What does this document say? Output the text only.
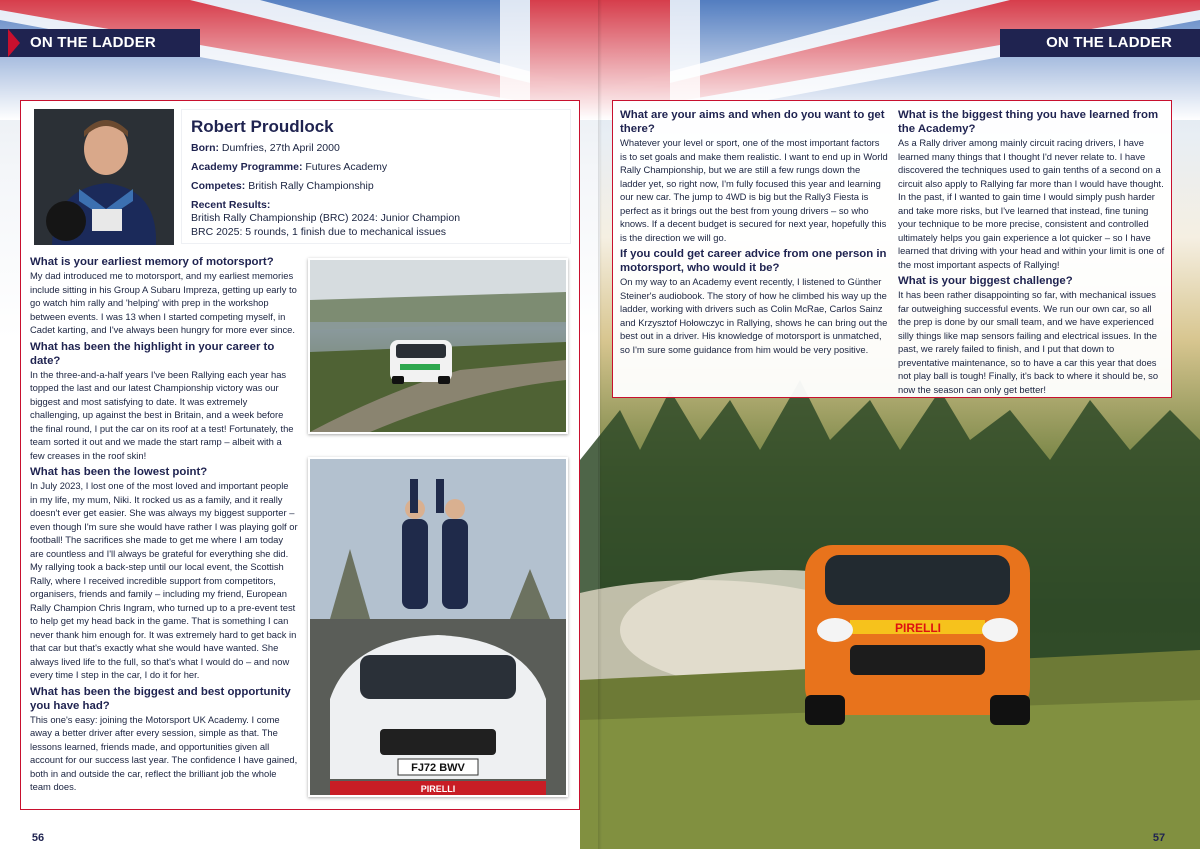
PIRELLI
ON THE LADDER	ON THE LADDER
Robert Proudlock
Born: Dumfries, 27th April 2000
Academy Programme: Futures Academy
Competes: British Rally Championship
Recent Results:
British Rally Championship (BRC) 2024: Junior Champion
BRC 2025: 5 rounds, 1 finish due to mechanical issues
What is your earliest memory of motorsport?
My dad introduced me to motorsport, and my earliest memories include sitting in his Group A Subaru Impreza, getting up early to go watch him rally and 'helping' with prep in the workshop between events. I was 13 when I started competing myself, in Cadet karting, and I've always been hungry for more ever since.
What has been the highlight in your career to date?
In the three-and-a-half years I've been Rallying each year has topped the last and our latest Championship victory was our biggest and most satisfying to date. It was extremely challenging, up against the best in Britain, and a week before the final round, I put the car on its roof at a test! Fortunately, the team sorted it out and we made the start ramp – albeit with a few creases in the roof skin!
What has been the lowest point?
In July 2023, I lost one of the most loved and important people in my life, my mum, Niki. It rocked us as a family, and it really doesn't ever get easier. She was always my biggest supporter – even though I'm sure she would have rather I was playing golf or football! The sacrifices she made to get me where I am today are countless and I'll always be grateful for everything she did. My rallying took a back-step until our local event, the Scottish Rally, where I received incredible support from competitors, organisers, friends and family – including my friend, European Rally Champion Chris Ingram, who turned up to a pre-event test to help get my head back in the game. That is something I can never thank him enough for. It was extremely hard to get back in that car but that's exactly what she would have wanted. She always lived life to the full, so that's what I would do – and now every time I step in the car, I do it for her.
What has been the biggest and best opportunity you have had?
This one's easy: joining the Motorsport UK Academy. I come away a better driver after every session, simple as that. The lessons learned, friends made, and opportunities given all account for our success last year. The confidence I have gained, both in and outside the car, reflect the brilliant job the whole team does.
FJ72 BWV
PIRELLI
What are your aims and when do you want to get there?
Whatever your level or sport, one of the most important factors is to set goals and make them realistic. I want to end up in World Rally Championship, but we are still a few rungs down the ladder yet, so right now, I'm fully focused this year and learning our new car. The jump to 4WD is big but the Rally3 Fiesta is perfect as it brings out the best from young drivers – so who knows. If a decent budget is secured for next year, hopefully this is the direction we will go.
If you could get career advice from one person in motorsport, who would it be?
On my way to an Academy event recently, I listened to Günther Steiner's audiobook. The story of how he climbed his way up the ladder, working with drivers such as Colin McRae, Carlos Sainz and Krzysztof Hołowczyc in Rallying, shows he can bring out the best out in a driver. His knowledge of motorsport is unmatched, so I'm sure some guidance from him would be very positive.
What is the biggest thing you have learned from the Academy?
As a Rally driver among mainly circuit racing drivers, I have learned many things that I thought I'd never relate to. I have discovered the techniques used to gain tenths of a second on a circuit also apply to Rallying far more than I would have thought. In the past, if I wanted to gain time I would simply push harder and take more risks, but I've learned that instead, fine tuning your technique to be more precise, consistent and controlled ultimately helps you gain experience a lot quicker – so I have learned that driving with your head and within your limit is one of the most important aspects of Rallying!
What is your biggest challenge?
It has been rather disappointing so far, with mechanical issues far outweighing successful events. We run our own car, so all the prep is done by our small team, and we have experienced silly things like map sensors failing and electrical issues. In the past, we rarely failed to finish, and I put that down to preventative maintenance, so to have a car this year that does not play ball is tough! Finally, it's back to where it should be, so now the season can only get better!
56	57
